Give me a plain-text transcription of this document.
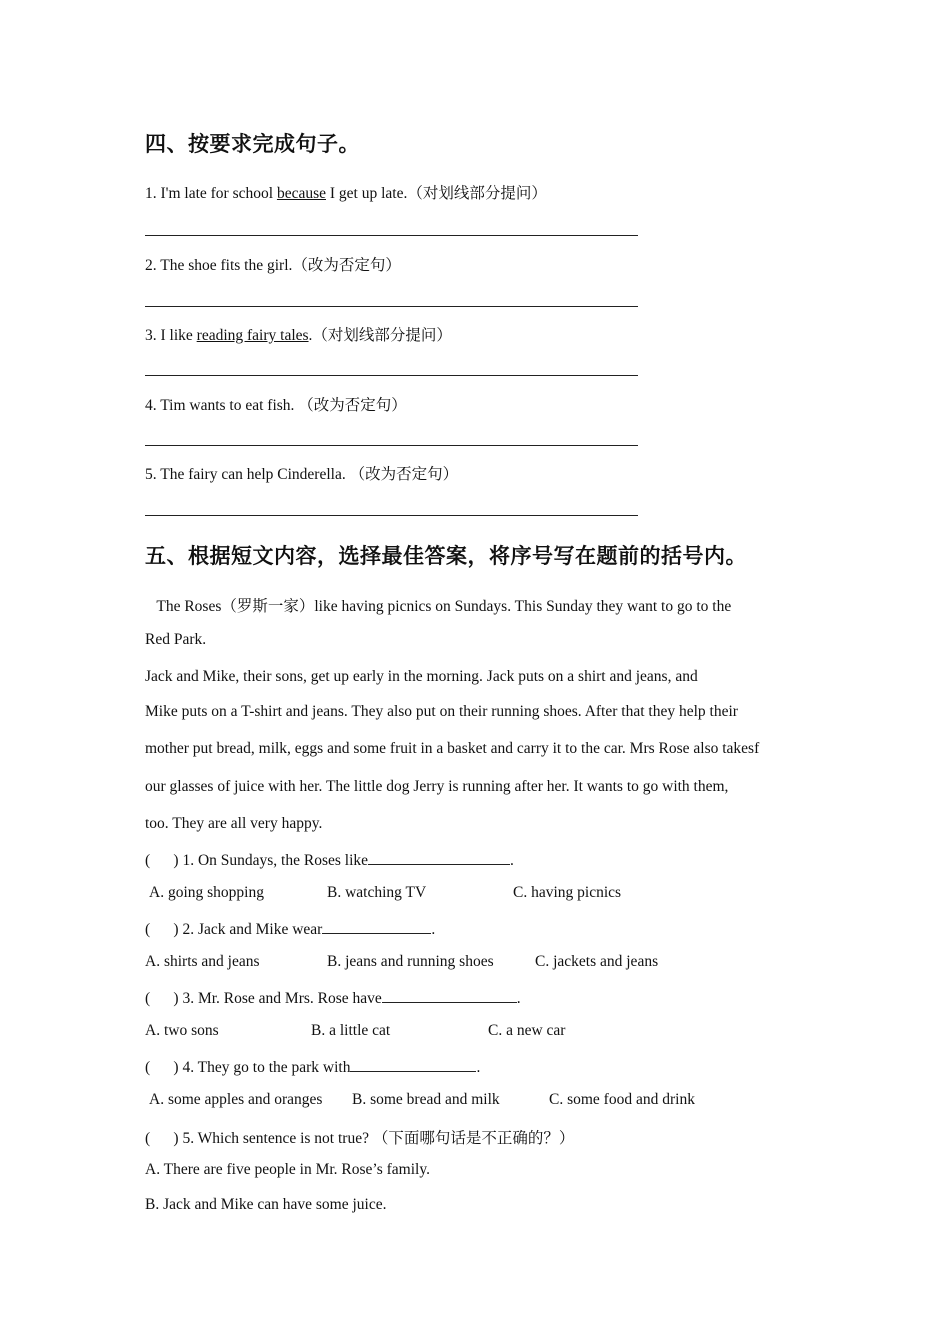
四、按要求完成句子。
1. I'm late for school because I get up late.（对划线部分提问）
2. The shoe fits the girl.（改为否定句）
3. I like reading fairy tales.（对划线部分提问）
4. Tim wants to eat fish. （改为否定句）
5. The fairy can help Cinderella. （改为否定句）
五、根据短文内容，选择最佳答案，将序号写在题前的括号内。
The Roses（罗斯一家）like having picnics on Sundays. This Sunday they want to go to the
Red Park.
Jack and Mike, their sons, get up early in the morning. Jack puts on a shirt and jeans, and
Mike puts on a T-shirt and jeans. They also put on their running shoes. After that they help their
mother put bread, milk, eggs and some fruit in a basket and carry it to the car. Mrs Rose also takesf
our glasses of juice with her. The little dog Jerry is running after her. It wants to go with them,
too. They are all very happy.
(      ) 1. On Sundays, the Roses like	.
A. going shopping	B. watching TV	C. having picnics
(      ) 2. Jack and Mike wear	.
A. shirts and jeans	B. jeans and running shoes	C. jackets and jeans
(      ) 3. Mr. Rose and Mrs. Rose have	.
A. two sons	B. a little cat	C. a new car
(      ) 4. They go to the park with	.
A. some apples and oranges B. some bread and milk	C. some food and drink
(      ) 5. Which sentence is not true? （下面哪句话是不正确的？）
A. There are five people in Mr. Rose’s family.
B. Jack and Mike can have some juice.
